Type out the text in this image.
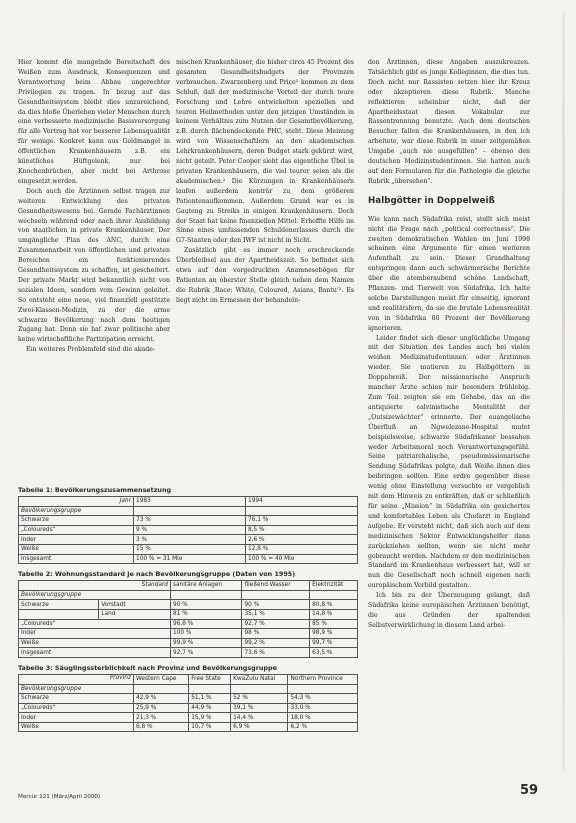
Hier kommt die mangelnde Bereitschaft des Weißen zum Ausdruck, Konsequenzen und Verantwortung beim Abbau ungerechter Privilegien zu tragen. In bezug auf das Gesundheitssystem bleibt dies unzureichend, da dies bloße Überleben vieler Menschen durch eine verbesserte medizinische Basisversorgung für alle Vertrag hat vor besserer Lebensqualität für wenige. Konkret kann aus Geldmangel in öffentlichen Krankenhäusern z.B. ein künstliches Hüftgelenk, nur bei Knochenbrüchen, aber nicht bei Arthrose eingesetzt werden.

Doch auch die Ärztinnen selbst tragen zur weiteren Entwicklung des privaten Gesundheitswesens bei. Gerade Fachärztinnen wechseln während oder nach ihrer Ausbildung von staatlichen in private Krankenhäuser. Der umgängliche Plan des ANC, durch eine Zusammenarbeit von öffentlichen und privaten Bereichen ein funktionierendes Gesundheitssystem zu schaffen, ist gescheitert. Der private Markt wird bekanntlich nicht von sozialen Ideen, sondern vom Gewinn geleitet. So entsteht eine neue, viel finanziell gestützte Zwei-Klassen-Medizin, zu der die arme schwarze Bevölkerung nach dem heutigen Zugang hat. Denn sie hat zwar politische aber keine wirtschaftliche Partizipation erreicht.

Ein weiteres Problemfeld sind die akade-

mischen Krankenhäuser, die bisher circa 45 Prozent des gesamten Gesundheitsbudgets der Provinzen verbrauchen. Zwarzenberg und Price² kommen zu dem Schluß, daß der medizinische Vorteil der durch teure Forschung und Lehre entwickelten speziellen und teuren Heilmethoden unter den jetzigen Umständen in keinem Verhältnis zum Nutzen der Gesamtbevölkerung, z.B. durch flächendeckende PHC, steht. Diese Meinung wird von Wissenschaftlern an den akademischen Lehrkrankenhäusern, deren Budget stark gekürzt wird, nicht geteilt. Peter Cooper sieht das eigentliche Übel in privaten Krankenhäusern, die viel teurer seien als die akademischen.² Die Kürzungen in Krankenhäusern laufen außerdem konträr zu dem größeren Patientenaufkommen. Außerdem Grund war es in Gauteng zu Streiks in einigen Krankenhäusern. Doch der Staat hat keine finanziellen Mittel. Erhoffte Hilfe im Sinne eines umfassenden Schuldenerlasses durch die G7-Staaten oder den IWF ist nicht in Sicht.

Zusätzlich gibt es immer noch erschreckende Überbleibsel aus der Apartheidszeit. So befindet sich etwa auf den vorgedruckten Anamnesebögen für Patienten an oberster Stelle gleich neben dem Namen die Rubrik ‚Race: White, Coloured, Asians, Bantu‘². Es liegt nicht im Ermessen der behandeln-

den Ärztinnen, diese Angaben auszukreuzen. Tatsächlich gibt es junge Kolleginnen, die dies tun. Doch nicht nur Rassisten setzen hier ihr Kreuz oder akzeptieren diese Rubrik. Manche reflektieren scheinbar nicht, daß der Apartheidsstaat diesen Vokabular zur Rassentrennung benutzte. Auch dem deutschen Besucher fallen die Krankenhäusern, in den ich arbeitete, war diese Rubrik in einer zeitgemäßen Umgabe „auch nie ausgefüllen“ – ebenso den deutschen Medizinstudentinnen. Sie hatten auch auf den Formularen für die Pathologie die gleiche Rubrik „übersehen“.

Halbgötter in Doppelweiß

Wie kann nach Südafrika reist, stellt sich meist nicht die Frage nach „political correctness“. Die zweiten demokratischen Wahlen im Juni 1998 scheinen eine Argumente für einen weiteren Aufenthalt zu sein. Dieser Grundhaltung entspringen dann auch schwärmerische Berichte über die atemberaubend schöne Landschaft, Pflanzen- und Tierwelt von Südafrika. Ich halte solche Darstellungen meist für einseitig, ignorant und realitätsfern, da sie die brutale Lebensrealität von in Südafrika 80 Prozent der Bevölkerung ignorieren.

Leider findet sich dieser unglückliche Umgang mit der Situation des Landes auch bei vielen weißen Medizinstudentinnen oder Ärztinnen wieder. Sie mutieren zu Halbgöttern in Doppelweiß. Der missionarische Anspruch mancher Ärzte schien mir besonders frühlebig. Zum Teil zeigten sie ein Gehabe, das an die antiquierte calvinistische Mentalität der „Outsizewächter“ erinnerte. Der euangelische Überfluß an Ngwelezane-Hospital mutet beispielsweise, schwarze Südafrikaner bessahen weder Arbeitsmoral noch Verantwortungsgefühl. Seine patriarchalische, pseudomissionarische Sendung Südafrikas polgte, daß Weiße ihnen dies beibringen sollten. Eine erdre gegenüber diese wenig ohne Einstellung versuchte er vergeblich mit dem Hinweis zu entkräften, daß er schließlich für seine „Mission“ in Südafrika ein gesichertes und komfortables Leben als Chefarzt in England aufgebe. Er versteht nicht, daß sich auch auf dem medizinischen Sektor Entwicklungshelfer dann zurückziehen sollten, wenn sie nicht mehr gebraucht werden. Nachdem er den medizinischen Standard im Krankenhaus verbessert hat, will er nun die Gesellschaft noch schnell eigenen nach europäischem Vorbild gestalten.

Ich bin zu der Überzeugung gelangt, daß Südafrika keine europäischen Ärztinnen benötigt, die aus Gründen der spaltenden Selbstverwirklichung in diesem Land arbei-

Tabelle 1: Bevölkerungszusammensetzung
Jahr	1983	1994
Bevölkerungsgruppe		
Schwarze	73 %	76,1 %
„Coloureds“	9 %	8,5 %
Inder	3 %	2,6 %
Weiße	15 %	12,8 %
Insgesamt	100 % = 31 Mio	100 % = 40 Mio
Tabelle 2: Wohnungsstandard je nach Bevölkerungsgruppe (Daten von 1995)
Standard		sanitäre Anlagen	fließend Wasser	Elektrizität
Bevölkerungsgruppe				
Schwarze	Vorstadt	90 %	90 %	80,8 %
	Land	81 %	35,1 %	14,8 %
„Coloureds“		96,8 %	92,7 %	85 %
Inder		100 %	98 %	98,9 %
Weiße		99,9 %	99,2 %	99,7 %
Insgesamt		92,7 %	73,6 %	63,5 %
Tabelle 3: Säuglingssterblichkeit nach Provinz und Bevölkerungsgruppe
Provinz	Western Cape	Free State	KwaZulu Natal	Northern Province

Bevölkerungsgruppe				
Schwarze	42,9 %	51,1 %	52 %	54,3 %
„Coloureds“	25,9 %	44,9 %	39,1 %	33,0 %
Inder	21,3 %	15,9 %	14,4 %	18,0 %
Weiße	6,8 %	10,7 %	6,9 %	6,2 %
Mercur 121 (März/April 2000)	59
